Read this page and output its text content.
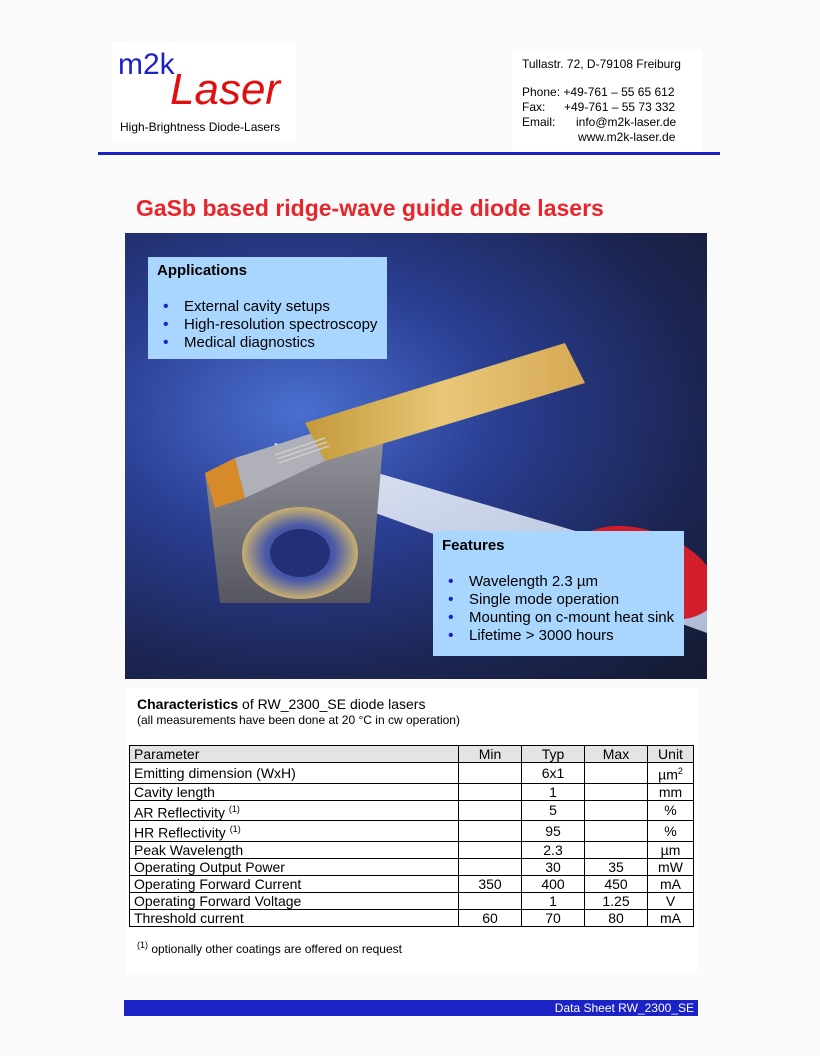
m2k
Laser
High-Brightness Diode-Lasers
Tullastr. 72, D-79108 Freiburg
Phone: +49-761 – 55 65 612
Fax: +49-761 – 55 73 332
Email: info@m2k-laser.de
www.m2k-laser.de
GaSb based ridge-wave guide diode lasers
Applications
• External cavity setups
• High-resolution spectroscopy
• Medical diagnostics
Features
• Wavelength 2.3 µm
• Single mode operation
• Mounting on c-mount heat sink
• Lifetime > 3000 hours
Characteristics of RW_2300_SE diode lasers
(all measurements have been done at 20 °C in cw operation)
Parameter	Min	Typ	Max	Unit
Emitting dimension (WxH)		6x1		µm$^2$
Cavity length		1		mm
AR Reflectivity $^{(1)}$		5		%
HR Reflectivity $^{(1)}$		95		%
Peak Wavelength		2.3		µm
Operating Output Power		30	35	mW
Operating Forward Current	350	400	450	mA
Operating Forward Voltage		1	1.25	V
Threshold current	60	70	80	mA
$^{(1)}$ optionally other coatings are offered on request
Data Sheet RW_2300_SE
